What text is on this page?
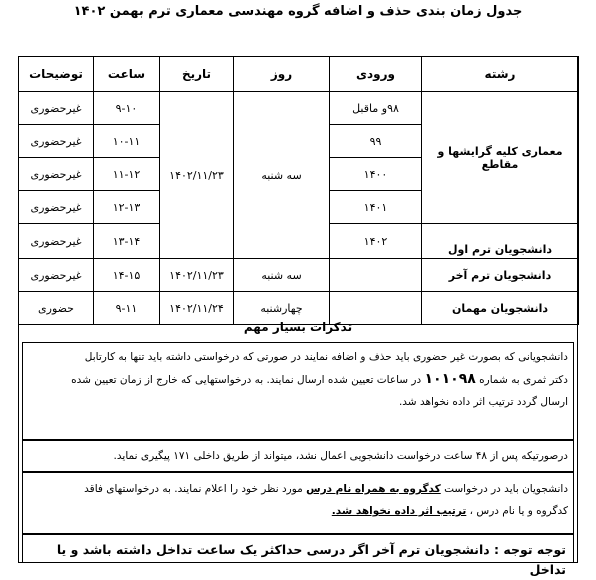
جدول زمان بندی حذف و اضافه گروه مهندسی معماری ترم بهمن ۱۴۰۲
رشته	ورودی	روز	تاریخ	ساعت	توضیحات
معماری کلیه گرایشها و مقاطع	۹۸و ماقبل	سه شنبه	۱۴۰۲/۱۱/۲۳	۹-۱۰	غیرحضوری
	۹۹			۱۰-۱۱	غیرحضوری
	۱۴۰۰			۱۱-۱۲	غیرحضوری
	۱۴۰۱			۱۲-۱۳	غیرحضوری
دانشجویان ترم اول	۱۴۰۲			۱۳-۱۴	غیرحضوری
دانشجویان ترم آخر		سه شنبه	۱۴۰۲/۱۱/۲۳	۱۴-۱۵	غیرحضوری
دانشجویان مهمان		چهارشنبه	۱۴۰۲/۱۱/۲۴	۹-۱۱	حضوری
تذکرات بسیار مهم
دانشجویانی که بصورت غیر حضوری باید حذف و اضافه نمایند در صورتی که درخواستی داشته باید تنها به کارتابل
دکتر ثمری به شماره ۱۰۱۰۹۸ در ساعات تعیین شده ارسال نمایند. به درخواستهایی که خارج از زمان تعیین شده
ارسال گردد ترتیب اثر داده نخواهد شد.
درصورتیکه پس از ۴۸ ساعت درخواست دانشجویی اعمال نشد، میتواند از طریق داخلی ۱۷۱ پیگیری نماید.
دانشجویان باید در درخواست کدگروه به همراه نام درس مورد نظر خود را اعلام نمایند. به درخواستهای فاقد
کدگروه و یا نام درس ، ترتیب اثر داده نخواهد شد.
توجه توجه : دانشجویان ترم آخر اگر درسی حداکثر یک ساعت تداخل داشته باشد و یا تداخل
